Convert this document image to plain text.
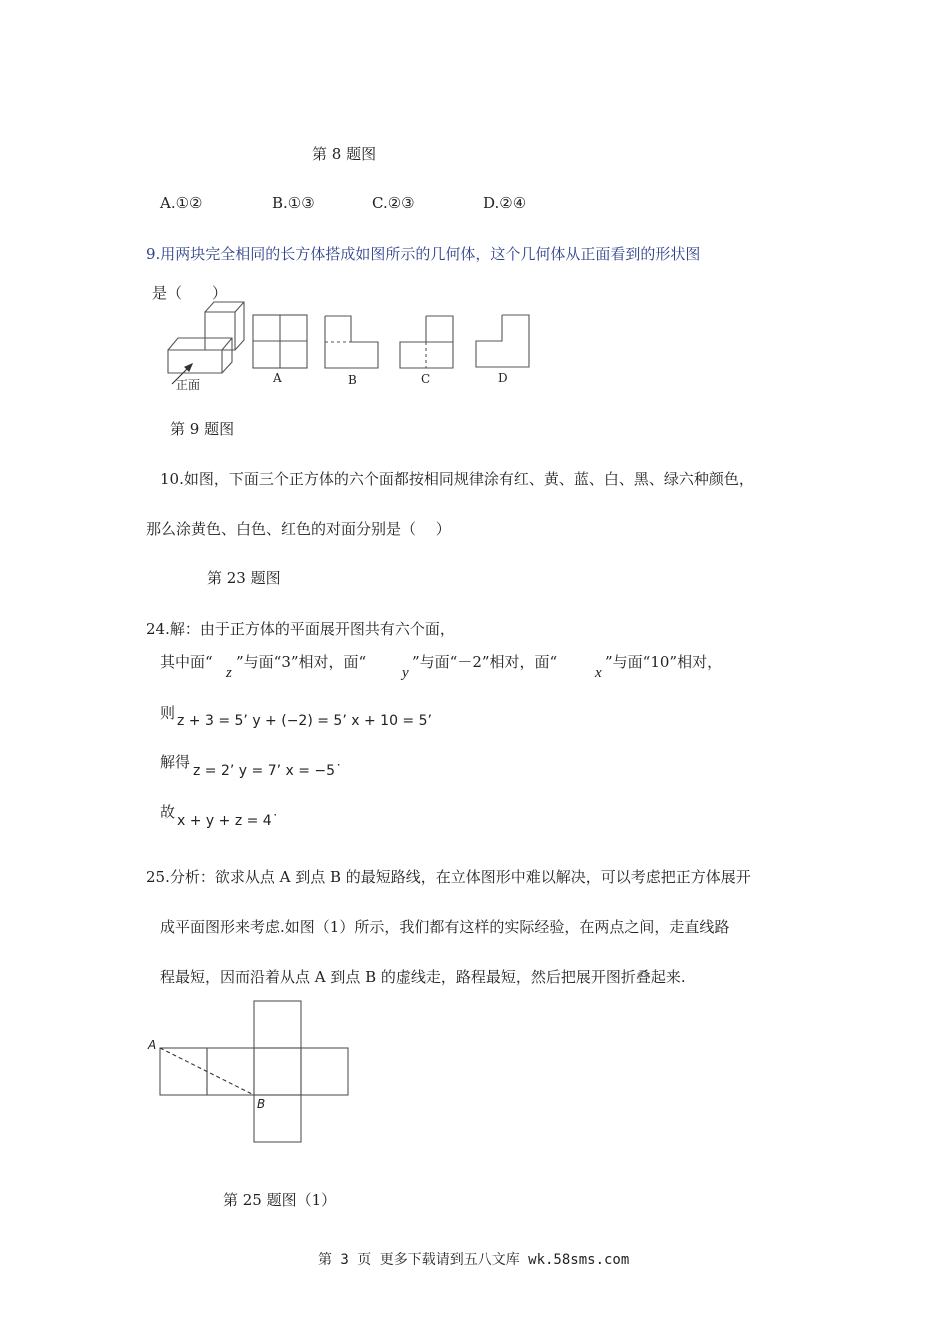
第 8 题图
A.①②	B.①③	C.②③	D.②④
9.用两块完全相同的长方体搭成如图所示的几何体，这个几何体从正面看到的形状图
是（　　）
正面	A	B	C	D
第 9 题图
10.如图，下面三个正方体的六个面都按相同规律涂有红、黄、蓝、白、黑、绿六种颜色，
那么涂黄色、白色、红色的对面分别是（　 ）
第 23 题图
24.解：由于正方体的平面展开图共有六个面，
其中面“
z
”与面“3”相对，面“
y
”与面“－2”相对，面“
x
”与面“10”相对，
则 z + 3 = 5’ y + (−2) = 5’ x + 10 = 5’
解得 z = 2’ y = 7’ x = −5˙
故 x + y + z = 4˙
25.分析：欲求从点 A 到点 B 的最短路线，在立体图形中难以解决，可以考虑把正方体展开
成平面图形来考虑.如图（1）所示，我们都有这样的实际经验，在两点之间，走直线路
程最短，因而沿着从点 A 到点 B 的虚线走，路程最短，然后把展开图折叠起来.
A
B
第 25 题图（1）
第 3 页 更多下载请到五八文库 wk.58sms.com
